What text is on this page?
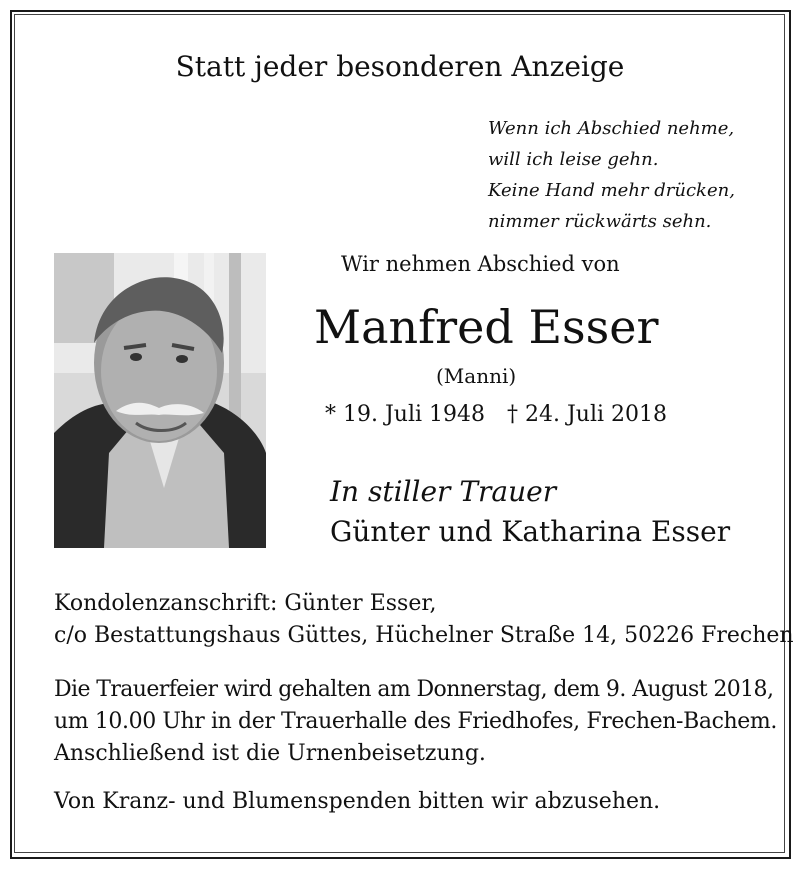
Statt jeder besonderen Anzeige
Wenn ich Abschied nehme,
will ich leise gehn.
Keine Hand mehr drücken,
nimmer rückwärts sehn.
Wir nehmen Abschied von
Manfred Esser
(Manni)
* 19. Juli 1948 † 24. Juli 2018
In stiller Trauer
Günter und Katharina Esser
Kondolenzanschrift: Günter Esser,
c/o Bestattungshaus Güttes, Hüchelner Straße 14, 50226 Frechen
Die Trauerfeier wird gehalten am Donnerstag, dem 9. August 2018,
um 10.00 Uhr in der Trauerhalle des Friedhofes, Frechen-Bachem.
Anschließend ist die Urnenbeisetzung.
Von Kranz- und Blumenspenden bitten wir abzusehen.
